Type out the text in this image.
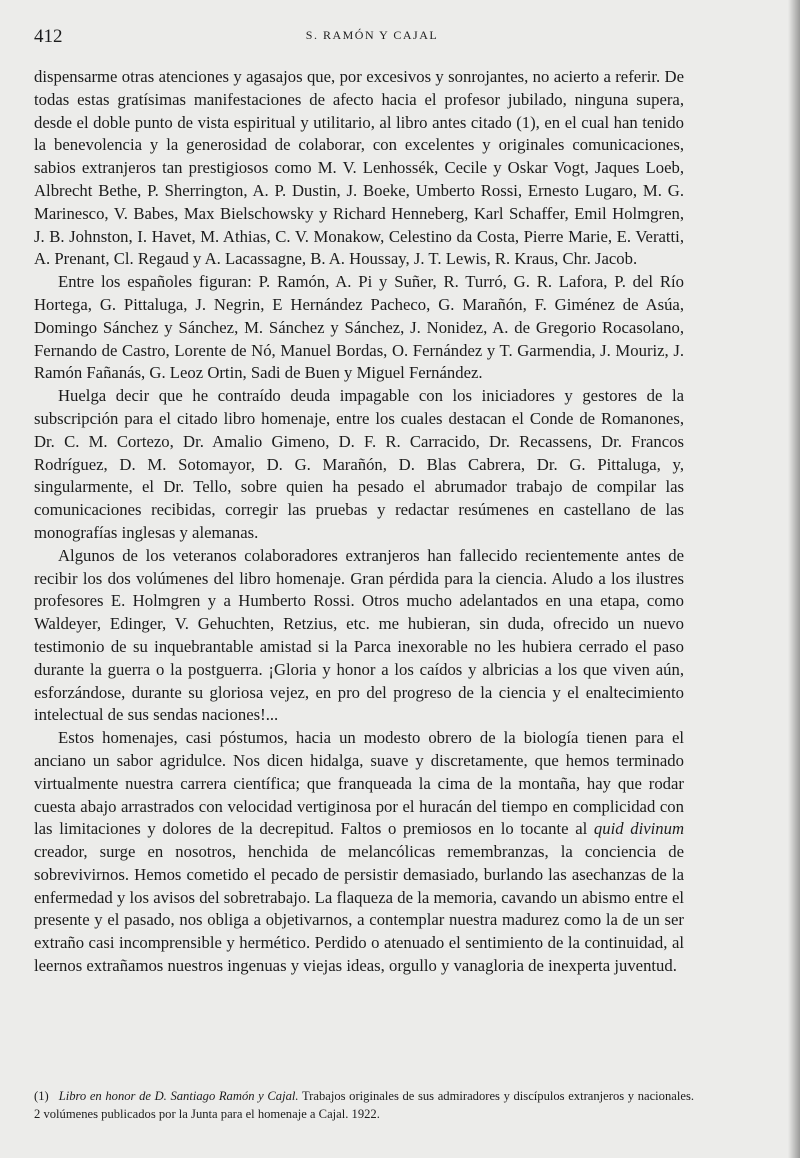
412	S. RAMÓN Y CAJAL

dispensarme otras atenciones y agasajos que, por excesivos y sonrojantes, no acierto a referir. De todas estas gratísimas manifestaciones de afecto hacia el profesor jubilado, ninguna supera, desde el doble punto de vista espiritual y utilitario, al libro antes citado (1), en el cual han tenido la benevolencia y la generosidad de colaborar, con excelentes y originales comunicaciones, sabios extranjeros tan prestigiosos como M. V. Lenhossék, Cecile y Oskar Vogt, Jaques Loeb, Albrecht Bethe, P. Sherrington, A. P. Dustin, J. Boeke, Umberto Rossi, Ernesto Lugaro, M. G. Marinesco, V. Babes, Max Bielschowsky y Richard Henneberg, Karl Schaffer, Emil Holmgren, J. B. Johnston, I. Havet, M. Athias, C. V. Monakow, Celestino da Costa, Pierre Marie, E. Veratti, A. Prenant, Cl. Regaud y A. Lacassagne, B. A. Houssay, J. T. Lewis, R. Kraus, Chr. Jacob.

Entre los españoles figuran: P. Ramón, A. Pi y Suñer, R. Turró, G. R. Lafora, P. del Río Hortega, G. Pittaluga, J. Negrin, E Hernández Pacheco, G. Marañón, F. Giménez de Asúa, Domingo Sánchez y Sánchez, M. Sánchez y Sánchez, J. Nonidez, A. de Gregorio Rocasolano, Fernando de Castro, Lorente de Nó, Manuel Bordas, O. Fernández y T. Garmendia, J. Mouriz, J. Ramón Fañanás, G. Leoz Ortin, Sadi de Buen y Miguel Fernández.

Huelga decir que he contraído deuda impagable con los iniciadores y gestores de la subscripción para el citado libro homenaje, entre los cuales destacan el Conde de Romanones, Dr. C. M. Cortezo, Dr. Amalio Gimeno, D. F. R. Carracido, Dr. Recassens, Dr. Francos Rodríguez, D. M. Sotomayor, D. G. Marañón, D. Blas Cabrera, Dr. G. Pittaluga, y, singularmente, el Dr. Tello, sobre quien ha pesado el abrumador trabajo de compilar las comunicaciones recibidas, corregir las pruebas y redactar resúmenes en castellano de las monografías inglesas y alemanas.

Algunos de los veteranos colaboradores extranjeros han fallecido recientemente antes de recibir los dos volúmenes del libro homenaje. Gran pérdida para la ciencia. Aludo a los ilustres profesores E. Holmgren y a Humberto Rossi. Otros mucho adelantados en una etapa, como Waldeyer, Edinger, V. Gehuchten, Retzius, etc. me hubieran, sin duda, ofrecido un nuevo testimonio de su inquebrantable amistad si la Parca inexorable no les hubiera cerrado el paso durante la guerra o la postguerra. ¡Gloria y honor a los caídos y albricias a los que viven aún, esforzándose, durante su gloriosa vejez, en pro del progreso de la ciencia y el enaltecimiento intelectual de sus sendas naciones!...

Estos homenajes, casi póstumos, hacia un modesto obrero de la biología tienen para el anciano un sabor agridulce. Nos dicen hidalga, suave y discretamente, que hemos terminado virtualmente nuestra carrera científica; que franqueada la cima de la montaña, hay que rodar cuesta abajo arrastrados con velocidad vertiginosa por el huracán del tiempo en complicidad con las limitaciones y dolores de la decrepitud. Faltos o premiosos en lo tocante al quid divinum creador, surge en nosotros, henchida de melancólicas remembranzas, la conciencia de sobrevivirnos. Hemos cometido el pecado de persistir demasiado, burlando las asechanzas de la enfermedad y los avisos del sobretrabajo. La flaqueza de la memoria, cavando un abismo entre el presente y el pasado, nos obliga a objetivarnos, a contemplar nuestra madurez como la de un ser extraño casi incomprensible y hermético. Perdido o atenuado el sentimiento de la continuidad, al leernos extrañamos nuestros ingenuas y viejas ideas, orgullo y vanagloria de inexperta juventud.

(1) Libro en honor de D. Santiago Ramón y Cajal. Trabajos originales de sus admiradores y discípulos extranjeros y nacionales. 2 volúmenes publicados por la Junta para el homenaje a Cajal. 1922.
